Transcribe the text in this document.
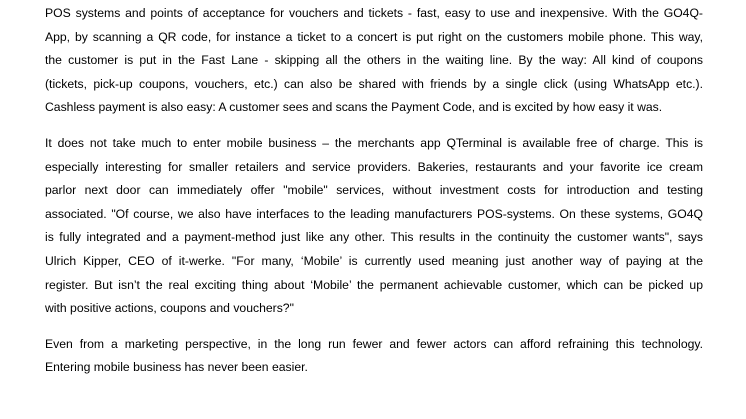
POS systems and points of acceptance for vouchers and tickets - fast, easy to use and inexpensive. With the GO4Q-
App, by scanning a QR code, for instance a ticket to a concert is put right on the customers mobile phone. This way,
the customer is put in the Fast Lane - skipping all the others in the waiting line. By the way: All kind of coupons
(tickets, pick-up coupons, vouchers, etc.) can also be shared with friends by a single click (using WhatsApp etc.).
Cashless payment is also easy: A customer sees and scans the Payment Code, and is excited by how easy it was.

It does not take much to enter mobile business – the merchants app QTerminal is available free of charge. This is
especially interesting for smaller retailers and service providers. Bakeries, restaurants and your favorite ice cream
parlor next door can immediately offer "mobile" services, without investment costs for introduction and testing
associated. "Of course, we also have interfaces to the leading manufacturers POS-systems. On these systems, GO4Q
is fully integrated and a payment-method just like any other. This results in the continuity the customer wants", says
Ulrich Kipper, CEO of it-werke. "For many, ‘Mobile’ is currently used meaning just another way of paying at the
register. But isn’t the real exciting thing about ‘Mobile’ the permanent achievable customer, which can be picked up
with positive actions, coupons and vouchers?"

Even from a marketing perspective, in the long run fewer and fewer actors can afford refraining this technology.
Entering mobile business has never been easier.
